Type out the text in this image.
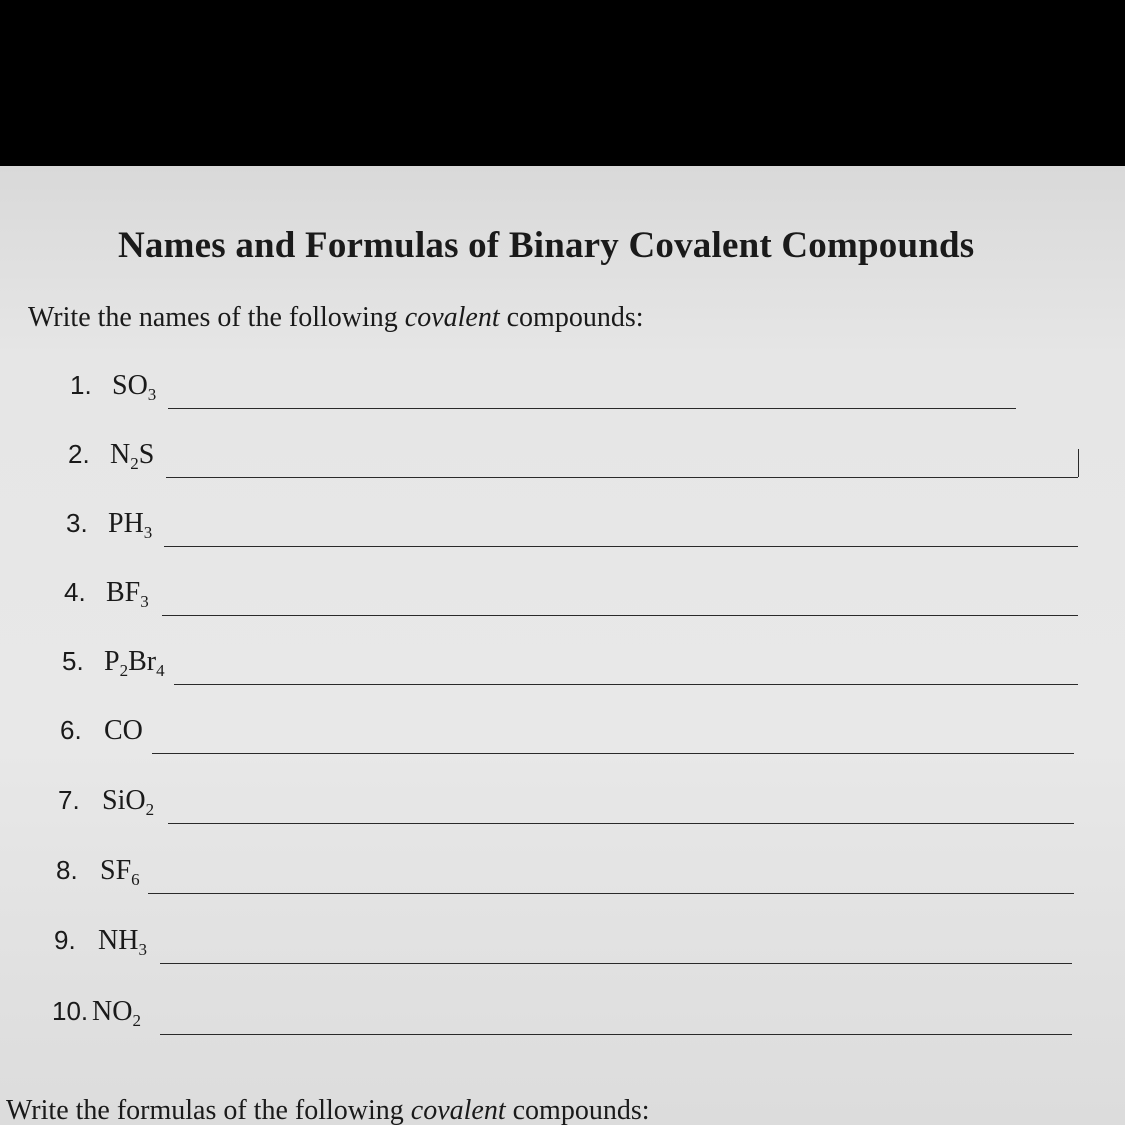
Names and Formulas of Binary Covalent Compounds
Write the names of the following covalent compounds:
1. $SO_3$
2. $N_2S$
3. $PH_3$
4. $BF_3$
5. $P_2Br_4$
6. CO
7. SiO$_2$
8. $SF_6$
9. $NH_3$
10. $NO_2$
Write the formulas of the following covalent compounds:
